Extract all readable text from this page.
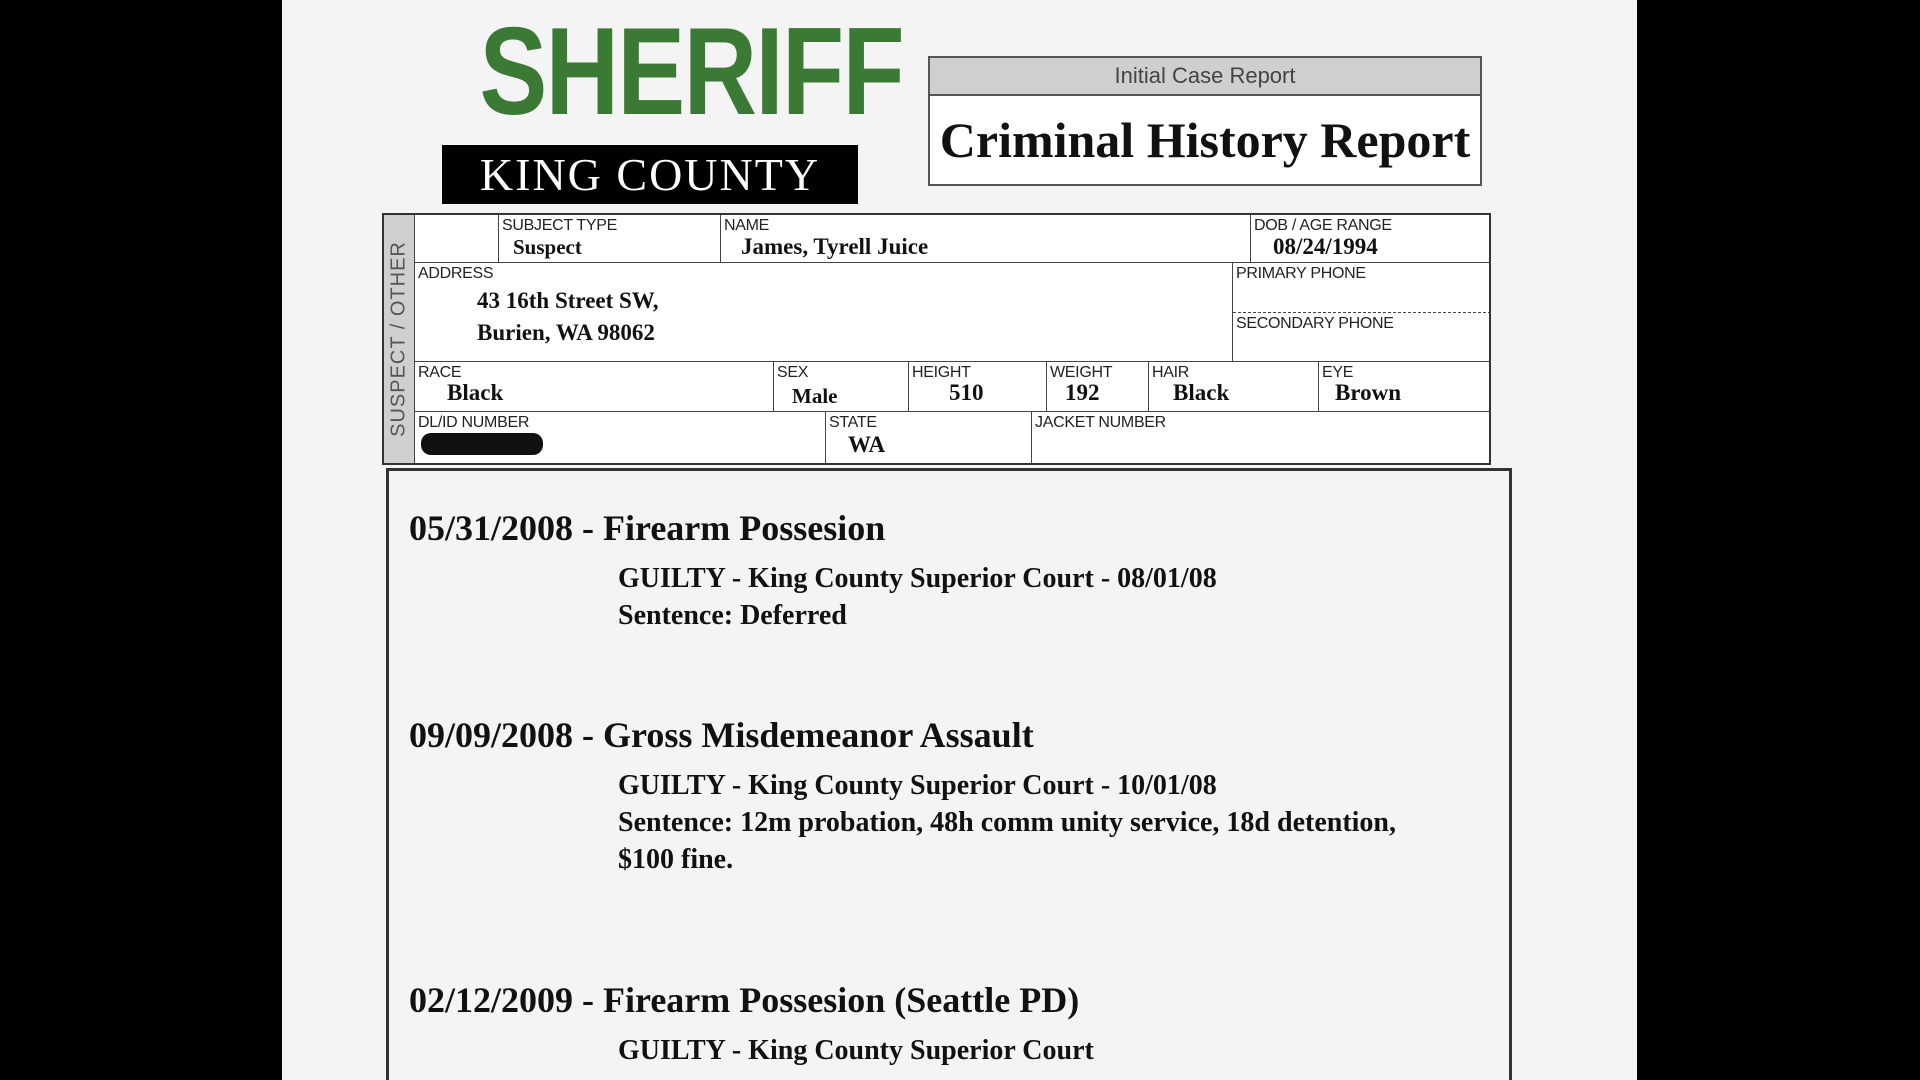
SHERIFF
KING COUNTY
Initial Case Report
Criminal History Report
SUSPECT / OTHER
SUBJECT TYPE
Suspect
NAME
James, Tyrell Juice
DOB / AGE RANGE
08/24/1994
ADDRESS
43 16th Street SW,
Burien, WA 98062
PRIMARY PHONE
SECONDARY PHONE
RACE
Black
SEX
Male
HEIGHT
510
WEIGHT
192
HAIR
Black
EYE
Brown
DL/ID NUMBER	STATE
WA
JACKET NUMBER
05/31/2008 - Firearm Possesion
GUILTY - King County Superior Court - 08/01/08
Sentence: Deferred
09/09/2008 - Gross Misdemeanor Assault
GUILTY - King County Superior Court - 10/01/08
Sentence: 12m probation, 48h comm unity service, 18d detention,
$100 fine.
02/12/2009 - Firearm Possesion (Seattle PD)
GUILTY - King County Superior Court
